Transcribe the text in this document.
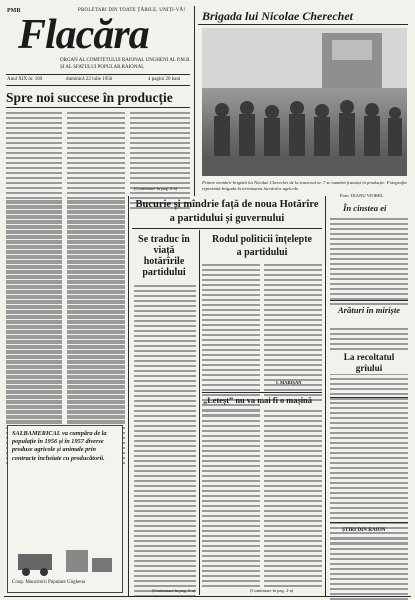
PMR	PROLETARI DIN TOATE ȚĂRILE, UNIȚI-VĂ!
Flacăra
ORGAN AL COMITETULUI RAIONAL UNGHENI AL P.M.R.
ȘI AL SFATULUI POPULAR RAIONAL
Anul XIX nr. 109	duminică 22 iulie 1956	4 pagini 20 bani
Brigada lui Nicolae Cherechet
Printre membrii brigăzii lui Nicolae Cherechet de la tractorul nr. 7 se numără fruntași în producție. Fotografia reprezintă brigada la terminarea lucrărilor agricole.
Foto: DIANU VIOREL
Spre noi succese în producție
(Continuare în pag. 2-a)
SALBAMERICAL va cumpăra de la populație în 1956 și în 1957 diverse produse agricole și animale prin contracte încheiate cu producătorii.
Coop. Muncitorii Populare Unghena
Bucurie și mîndrie față de noua Hotărîre
a partidului și guvernului
Se traduc în viață hotărîrile partidului
(Continuare în pag. 2-a)
Rodul politicii înțelepte
a partidului
I. MARIȘAN
„Leteșt” nu va mai fi o mașină
(Continuare în pag. 2-a)
În cinstea ei
Arături în miriște
La recoltatul grîului
ȘTIRI DIN RAION
